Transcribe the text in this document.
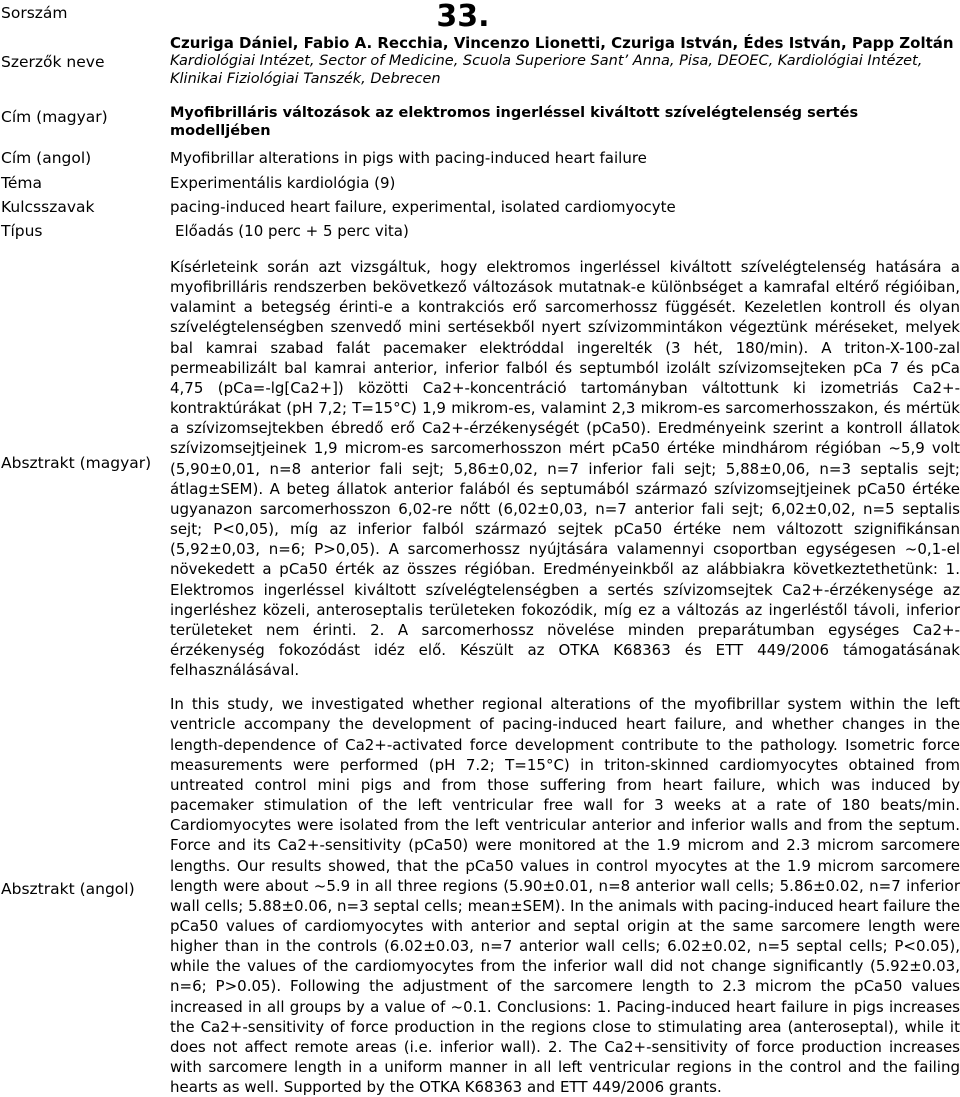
Sorszám	33.
Szerzők neve	Czuriga Dániel, Fabio A. Recchia, Vincenzo Lionetti, Czuriga István, Édes István, Papp Zoltán
Kardiológiai Intézet, Sector of Medicine, Scuola Superiore Sant’ Anna, Pisa, DEOEC, Kardiológiai Intézet, Klinikai Fiziológiai Tanszék, Debrecen

Cím (magyar)	Myofibrilláris változások az elektromos ingerléssel kiváltott szívelégtelenség sertés modelljében
Cím (angol)	Myofibrillar alterations in pigs with pacing-induced heart failure
Téma	Experimentális kardiológia (9)
Kulcsszavak	pacing-induced heart failure, experimental, isolated cardiomyocyte
Típus	Előadás (10 perc + 5 perc vita)
Absztrakt (magyar)	Kísérleteink során azt vizsgáltuk, hogy elektromos ingerléssel kiváltott szívelégtelenség hatására a myofibrilláris rendszerben bekövetkező változások mutatnak-e különbséget a kamrafal eltérő régióiban, valamint a betegség érinti-e a kontrakciós erő sarcomerhossz függését. Kezeletlen kontroll és olyan szívelégtelenségben szenvedő mini sertésekből nyert szívizommintákon végeztünk méréseket, melyek bal kamrai szabad falát pacemaker elektróddal ingerelték (3 hét, 180/min). A triton-X-100-zal permeabilizált bal kamrai anterior, inferior falból és septumból izolált szívizomsejteken pCa 7 és pCa 4,75 (pCa=-lg[Ca2+]) közötti Ca2+-koncentráció tartományban váltottunk ki izometriás Ca2+-kontraktúrákat (pH 7,2; T=15°C) 1,9 mikrom-es, valamint 2,3 mikrom-es sarcomerhosszakon, és mértük a szívizomsejtekben ébredő erő Ca2+-érzékenységét (pCa50). Eredményeink szerint a kontroll állatok szívizomsejtjeinek 1,9 microm-es sarcomerhosszon mért pCa50 értéke mindhárom régióban ~5,9 volt (5,90±0,01, n=8 anterior fali sejt; 5,86±0,02, n=7 inferior fali sejt; 5,88±0,06, n=3 septalis sejt; átlag±SEM). A beteg állatok anterior falából és septumából származó szívizomsejtjeinek pCa50 értéke ugyanazon sarcomerhosszon 6,02-re nőtt (6,02±0,03, n=7 anterior fali sejt; 6,02±0,02, n=5 septalis sejt; P<0,05), míg az inferior falból származó sejtek pCa50 értéke nem változott szignifikánsan (5,92±0,03, n=6; P>0,05). A sarcomerhossz nyújtására valamennyi csoportban egységesen ~0,1-el növekedett a pCa50 érték az összes régióban. Eredményeinkből az alábbiakra következtethetünk: 1. Elektromos ingerléssel kiváltott szívelégtelenségben a sertés szívizomsejtek Ca2+-érzékenysége az ingerléshez közeli, anteroseptalis területeken fokozódik, míg ez a változás az ingerléstől távoli, inferior területeket nem érinti. 2. A sarcomerhossz növelése minden preparátumban egységes Ca2+-érzékenység fokozódást idéz elő. Készült az OTKA K68363 és ETT 449/2006 támogatásának felhasználásával.
Absztrakt (angol)	In this study, we investigated whether regional alterations of the myofibrillar system within the left ventricle accompany the development of pacing-induced heart failure, and whether changes in the length-dependence of Ca2+-activated force development contribute to the pathology. Isometric force measurements were performed (pH 7.2; T=15°C) in triton-skinned cardiomyocytes obtained from untreated control mini pigs and from those suffering from heart failure, which was induced by pacemaker stimulation of the left ventricular free wall for 3 weeks at a rate of 180 beats/min. Cardiomyocytes were isolated from the left ventricular anterior and inferior walls and from the septum. Force and its Ca2+-sensitivity (pCa50) were monitored at the 1.9 microm and 2.3 microm sarcomere lengths. Our results showed, that the pCa50 values in control myocytes at the 1.9 microm sarcomere length were about ~5.9 in all three regions (5.90±0.01, n=8 anterior wall cells; 5.86±0.02, n=7 inferior wall cells; 5.88±0.06, n=3 septal cells; mean±SEM). In the animals with pacing-induced heart failure the pCa50 values of cardiomyocytes with anterior and septal origin at the same sarcomere length were higher than in the controls (6.02±0.03, n=7 anterior wall cells; 6.02±0.02, n=5 septal cells; P<0.05), while the values of the cardiomyocytes from the inferior wall did not change significantly (5.92±0.03, n=6; P>0.05). Following the adjustment of the sarcomere length to 2.3 microm the pCa50 values increased in all groups by a value of ~0.1. Conclusions: 1. Pacing-induced heart failure in pigs increases the Ca2+-sensitivity of force production in the regions close to stimulating area (anteroseptal), while it does not affect remote areas (i.e. inferior wall). 2. The Ca2+-sensitivity of force production increases with sarcomere length in a uniform manner in all left ventricular regions in the control and the failing hearts as well. Supported by the OTKA K68363 and ETT 449/2006 grants.
